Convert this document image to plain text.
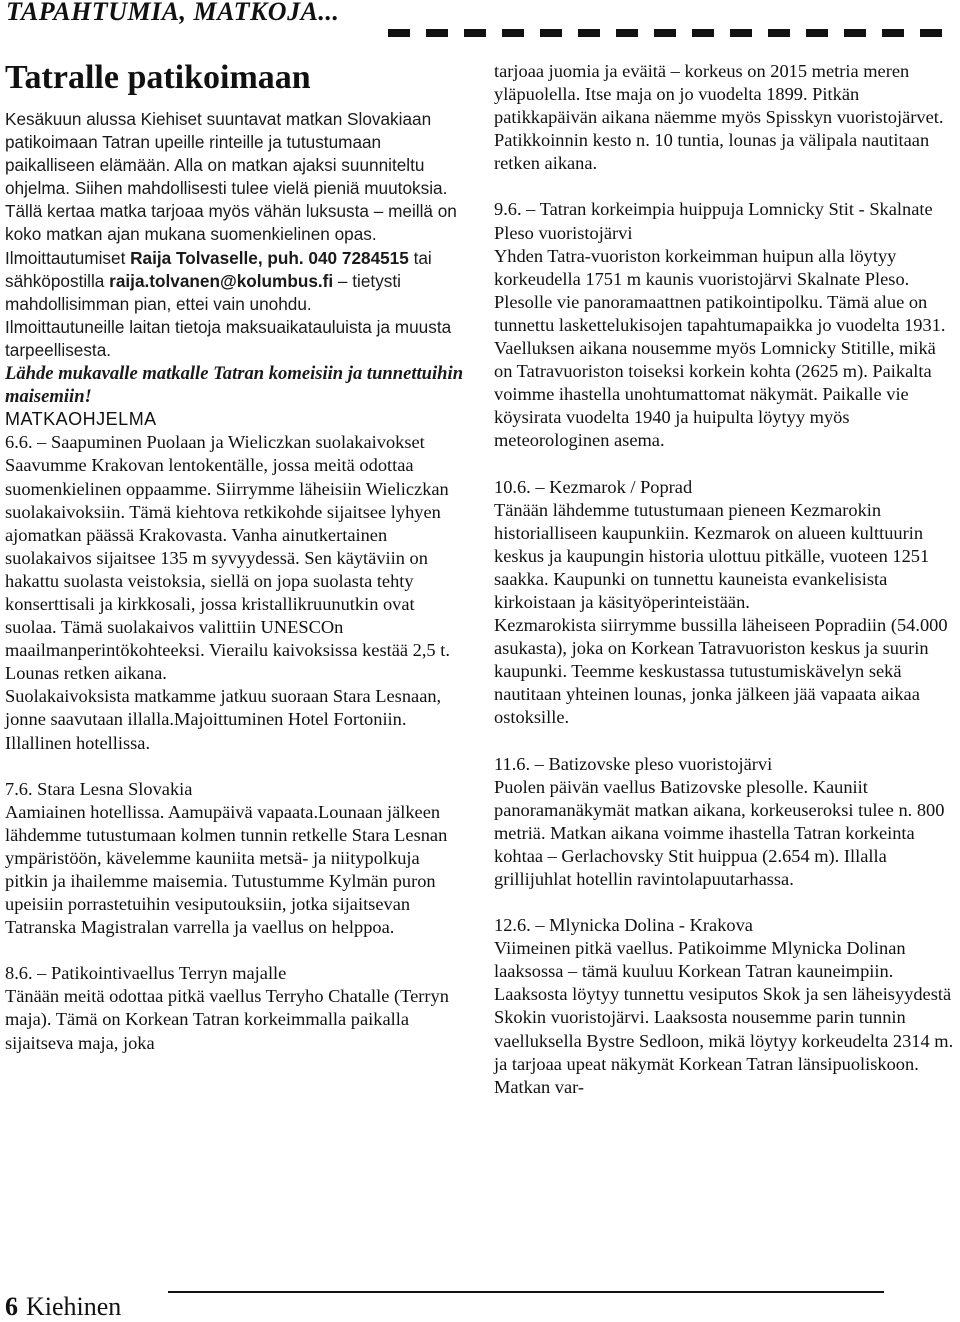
TAPAHTUMIA, MATKOJA...
Tatralle patikoimaan

Kesäkuun alussa Kiehiset suuntavat matkan Slovakiaan patikoimaan Tatran upeille rinteille ja tutustumaan paikalliseen elämään. Alla on matkan ajaksi suunniteltu ohjelma. Siihen mahdollisesti tulee vielä pieniä muutoksia.

Tällä kertaa matka tarjoaa myös vähän luksusta – meillä on koko matkan ajan mukana suomenkielinen opas.

Ilmoittautumiset Raija Tolvaselle, puh. 040 7284515 tai sähköpostilla raija.tolvanen@kolumbus.fi – tietysti mahdollisimman pian, ettei vain unohdu.

Ilmoittautuneille laitan tietoja maksuaikatauluista ja muusta tarpeellisesta.

Lähde mukavalle matkalle Tatran komeisiin ja tunnettuihin maisemiin!

MATKAOHJELMA

6.6. – Saapuminen Puolaan ja Wieliczkan suolakaivokset

Saavumme Krakovan lentokentälle, jossa meitä odottaa suomenkielinen oppaamme. Siirrymme läheisiin Wieliczkan suolakaivoksiin. Tämä kiehtova retkikohde sijaitsee lyhyen ajomatkan päässä Krakovasta. Vanha ainutkertainen suolakaivos sijaitsee 135 m syvyydessä. Sen käytäviin on hakattu suolasta veistoksia, siellä on jopa suolasta tehty konserttisali ja kirkkosali, jossa kristallikruunutkin ovat suolaa. Tämä suolakaivos valittiin UNESCOn maailmanperintökohteeksi. Vierailu kaivoksissa kestää 2,5 t. Lounas retken aikana.

Suolakaivoksista matkamme jatkuu suoraan Stara Lesnaan, jonne saavutaan illalla.Majoittuminen Hotel Fortoniin. Illallinen hotellissa.

7.6. Stara Lesna Slovakia

Aamiainen hotellissa. Aamupäivä vapaata.Lounaan jälkeen lähdemme tutustumaan kolmen tunnin retkelle Stara Lesnan ympäristöön, kävelemme kauniita metsä- ja niitypolkuja pitkin ja ihailemme maisemia. Tutustumme Kylmän puron upeisiin porrastetuihin vesiputouksiin, jotka sijaitsevan Tatranska Magistralan varrella ja vaellus on helppoa.

8.6. – Patikointivaellus Terryn majalle

Tänään meitä odottaa pitkä vaellus Terryho Chatalle (Terryn maja). Tämä on Korkean Tatran korkeimmalla paikalla sijaitseva maja, joka

tarjoaa juomia ja eväitä – korkeus on 2015 metria meren yläpuolella. Itse maja on jo vuodelta 1899. Pitkän patikkapäivän aikana näemme myös Spisskyn vuoristojärvet. Patikkoinnin kesto n. 10 tuntia, lounas ja välipala nautitaan retken aikana.

9.6. – Tatran korkeimpia huippuja Lomnicky Stit - Skalnate Pleso vuoristojärvi

Yhden Tatra-vuoriston korkeimman huipun alla löytyy korkeudella 1751 m kaunis vuoristojärvi Skalnate Pleso. Plesolle vie panoramaattnen patikointipolku. Tämä alue on tunnettu laskettelukisojen tapahtumapaikka jo vuodelta 1931. Vaelluksen aikana nousemme myös Lomnicky Stitille, mikä on Tatravuoriston toiseksi korkein kohta (2625 m). Paikalta voimme ihastella unohtumattomat näkymät. Paikalle vie köysirata vuodelta 1940 ja huipulta löytyy myös meteorologinen asema.

10.6. – Kezmarok / Poprad

Tänään lähdemme tutustumaan pieneen Kezmarokin historialliseen kaupunkiin. Kezmarok on alueen kulttuurin keskus ja kaupungin historia ulottuu pitkälle, vuoteen 1251 saakka. Kaupunki on tunnettu kauneista evankelisista kirkoistaan ja käsityöperinteistään.

Kezmarokista siirrymme bussilla läheiseen Popradiin (54.000 asukasta), joka on Korkean Tatravuoriston keskus ja suurin kaupunki. Teemme keskustassa tutustumiskävelyn sekä nautitaan yhteinen lounas, jonka jälkeen jää vapaata aikaa ostoksille.

11.6. – Batizovske pleso vuoristojärvi

Puolen päivän vaellus Batizovske plesolle. Kauniit panoramanäkymät matkan aikana, korkeuseroksi tulee n. 800 metriä. Matkan aikana voimme ihastella Tatran korkeinta kohtaa – Gerlachovsky Stit huippua (2.654 m). Illalla grillijuhlat hotellin ravintolapuutarhassa.

12.6. – Mlynicka Dolina - Krakova

Viimeinen pitkä vaellus. Patikoimme Mlynicka Dolinan laaksossa – tämä kuuluu Korkean Tatran kauneimpiin. Laaksosta löytyy tunnettu vesiputos Skok ja sen läheisyydestä Skokin vuoristojärvi. Laaksosta nousemme parin tunnin vaelluksella Bystre Sedloon, mikä löytyy korkeudelta 2314 m. ja tarjoaa upeat näkymät Korkean Tatran länsipuoliskoon. Matkan var-

6 Kiehinen
